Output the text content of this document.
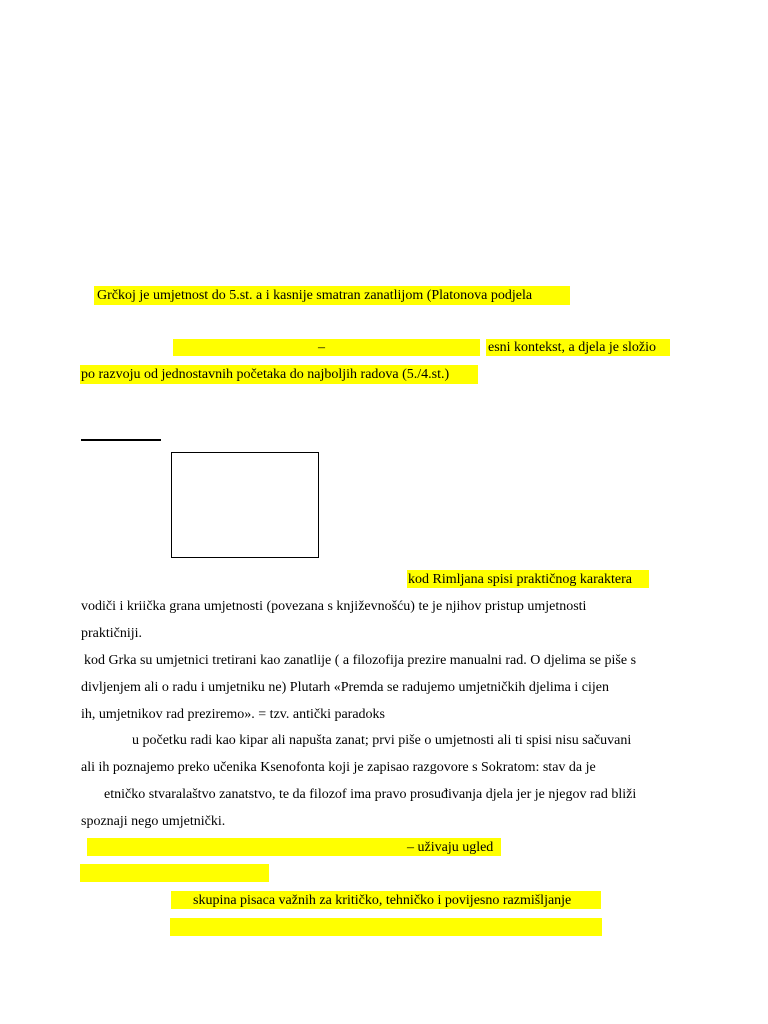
Grčkoj je umjetnost do 5.st. a i kasnije smatran zanatlijom (Platonova podjela
–	esni kontekst, a djela je složio
po razvoju od jednostavnih početaka do najboljih radova (5./4.st.)
kod Rimljana spisi praktičnog karaktera
vodiči i kriička grana umjetnosti (povezana s književnošću) te je njihov pristup umjetnosti
praktičniji.
kod Grka su umjetnici tretirani kao zanatlije ( a filozofija prezire manualni rad. O djelima se piše s
divljenjem ali o radu i umjetniku ne) Plutarh «Premda se radujemo umjetničkih djelima i cijen
ih, umjetnikov rad preziremo». = tzv. antički paradoks
u početku radi kao kipar ali napušta zanat; prvi piše o umjetnosti ali ti spisi nisu sačuvani
ali ih poznajemo preko učenika Ksenofonta koji je zapisao razgovore s Sokratom: stav da je
etničko stvaralaštvo zanatstvo, te da filozof ima pravo prosuđivanja djela jer je njegov rad bliži
spoznaji nego umjetnički.
– uživaju ugled
skupina pisaca važnih za kritičko, tehničko i povijesno razmišljanje
